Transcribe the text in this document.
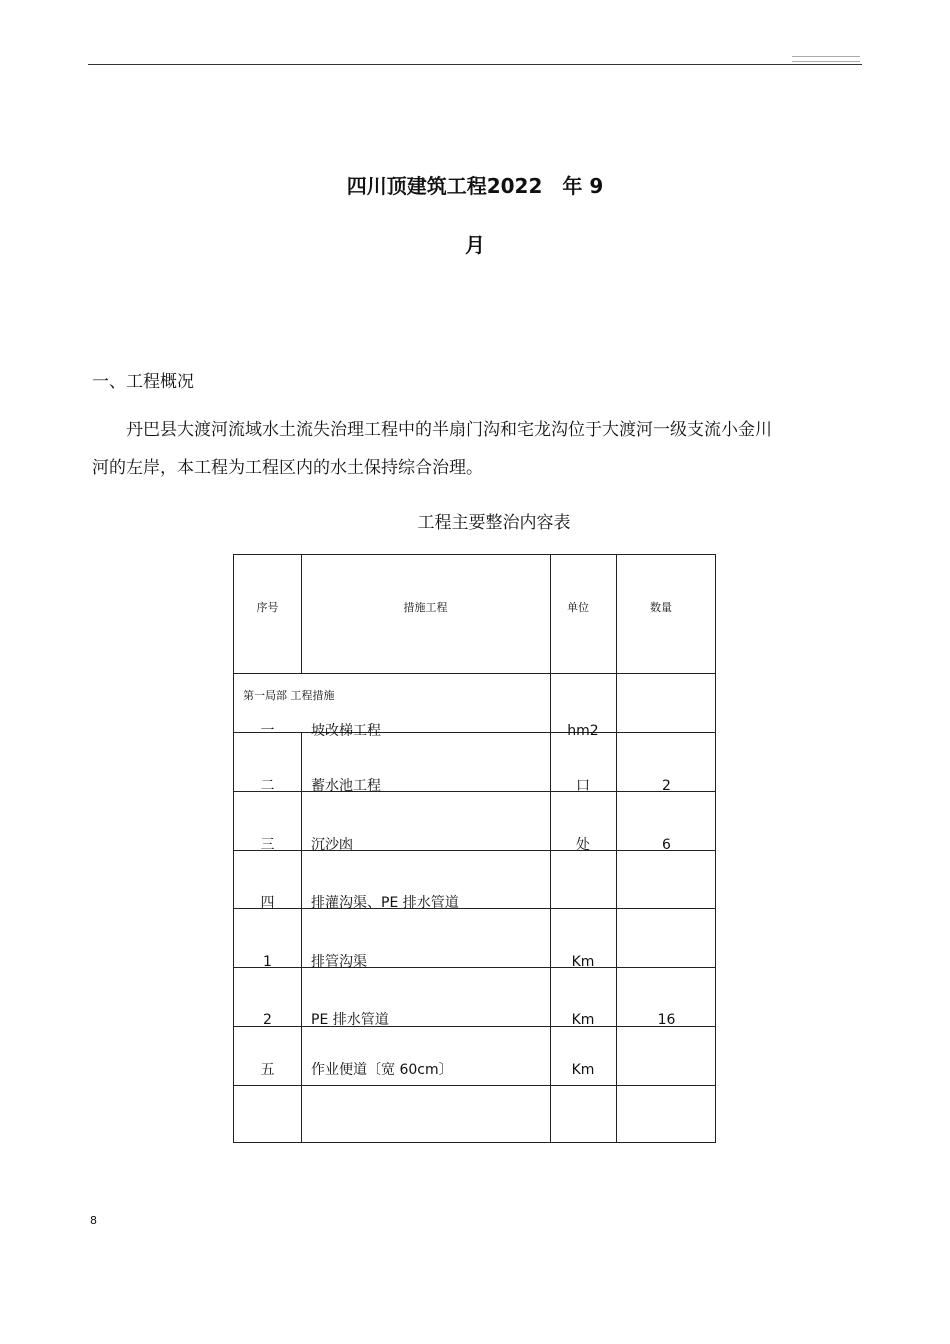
四川顶建筑工程2022　年 9
月
一、工程概况
　　丹巴县大渡河流域水土流失治理工程中的半扇门沟和宅龙沟位于大渡河一级支流小金川
河的左岸，本工程为工程区内的水土保持综合治理。
工程主要整治内容表
序号	措施工程	单位	数量
第一局部 工程措施
一	坡改梯工程	hm2
二	蓄水池工程	口	2
三	沉沙凼	处	6
四	排灌沟渠、PE 排水管道
1	排管沟渠	Km
2	PE 排水管道	Km	16
五	作业便道〔宽 60cm〕	Km
8
